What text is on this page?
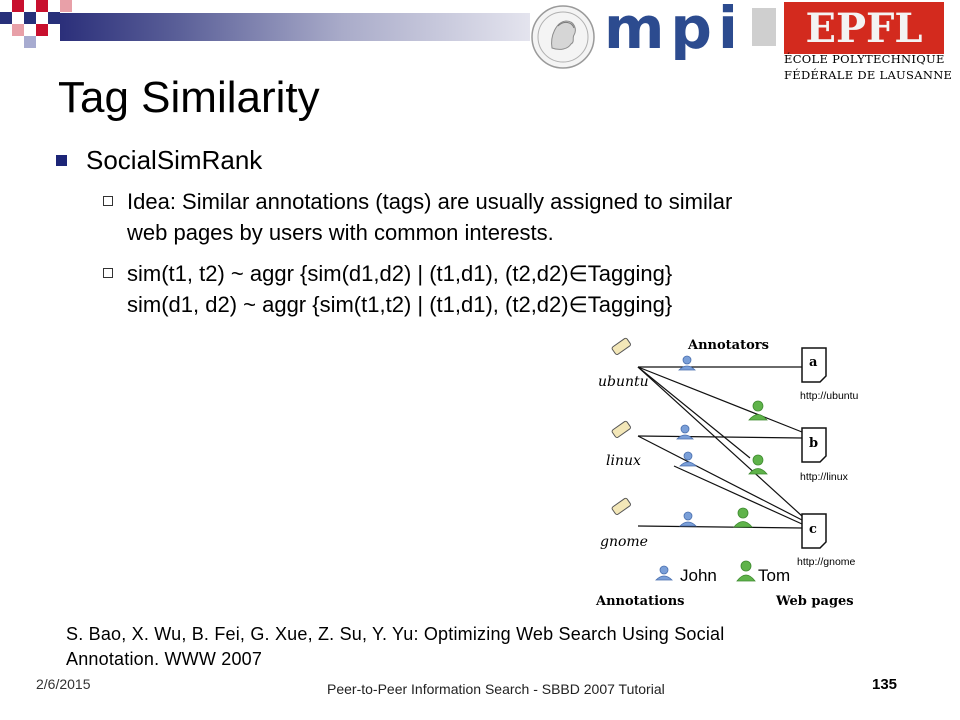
mpi EPFL
ÉCOLE POLYTECHNIQUE
FÉDÉRALE DE LAUSANNE
Tag Similarity
SocialSimRank
Idea: Similar annotations (tags) are usually assigned to similar
web pages by users with common interests.
sim(t1, t2) ~ aggr {sim(d1,d2) | (t1,d1), (t2,d2)∈Tagging}
sim(d1, d2) ~ aggr {sim(t1,t2) | (t1,d1), (t2,d2)∈Tagging}
Annotators
ubuntu
linux
gnome
a
b
c
http://ubuntu
http://linux
http://gnome
John Tom
Annotations	Web pages
S. Bao, X. Wu, B. Fei, G. Xue, Z. Su, Y. Yu: Optimizing Web Search Using Social
Annotation. WWW 2007
2/6/2015	Peer-to-Peer Information Search - SBBD 2007 Tutorial	135
